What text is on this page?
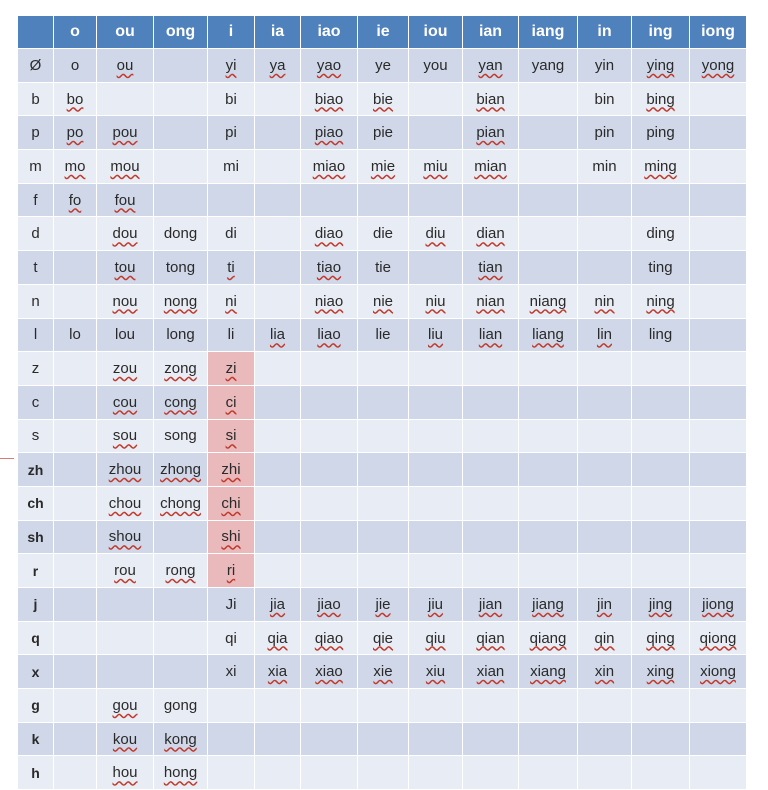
	o	ou	ong	i	ia	iao	ie	iou	ian	iang	in	ing	iong
Ø	o	ou		yi	ya	yao	ye	you	yan	yang	yin	ying	yong
b	bo			bi		biao	bie		bian		bin	bing	
p	po	pou		pi		piao	pie		pian		pin	ping	
m	mo	mou		mi		miao	mie	miu	mian		min	ming	
f	fo	fou											
d		dou	dong	di		diao	die	diu	dian			ding	
t		tou	tong	ti		tiao	tie		tian			ting	
n		nou	nong	ni		niao	nie	niu	nian	niang	nin	ning	
l	lo	lou	long	li	lia	liao	lie	liu	lian	liang	lin	ling	
z		zou	zong	zi									
c		cou	cong	ci									
s		sou	song	si									
zh		zhou	zhong	zhi									
ch		chou	chong	chi									
sh		shou		shi									
r		rou	rong	ri									
j				Ji	jia	jiao	jie	jiu	jian	jiang	jin	jing	jiong
q				qi	qia	qiao	qie	qiu	qian	qiang	qin	qing	qiong
x				xi	xia	xiao	xie	xiu	xian	xiang	xin	xing	xiong
g		gou	gong										
k		kou	kong										
h		hou	hong										
